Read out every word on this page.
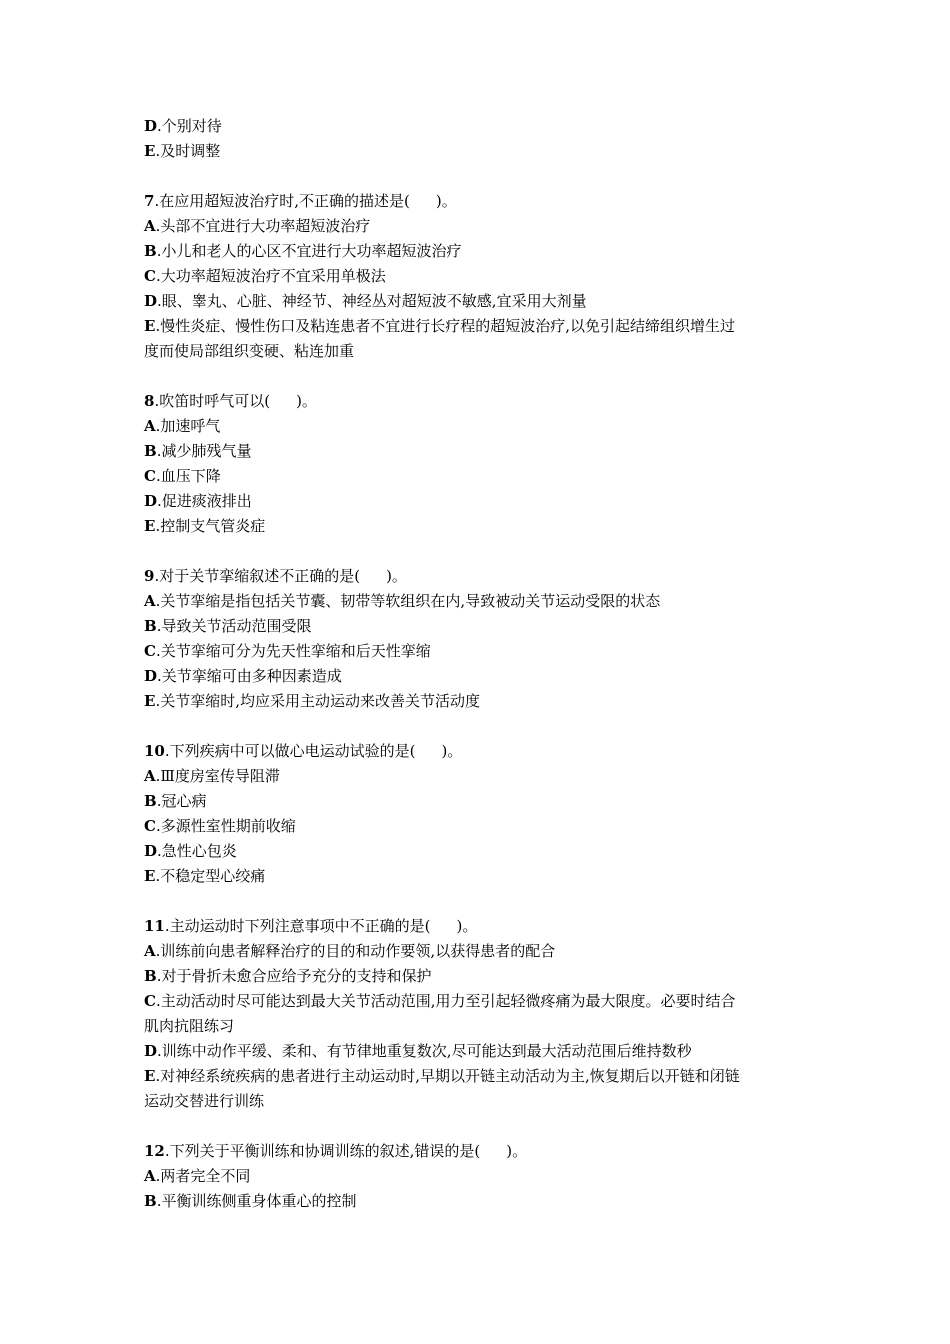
D.个别对待
E.及时调整
7.在应用超短波治疗时,不正确的描述是( )。
A.头部不宜进行大功率超短波治疗
B.小儿和老人的心区不宜进行大功率超短波治疗
C.大功率超短波治疗不宜采用单极法
D.眼、睾丸、心脏、神经节、神经丛对超短波不敏感,宜采用大剂量
E.慢性炎症、慢性伤口及粘连患者不宜进行长疗程的超短波治疗,以免引起结缔组织增生过
度而使局部组织变硬、粘连加重
8.吹笛时呼气可以( )。
A.加速呼气
B.减少肺残气量
C.血压下降
D.促进痰液排出
E.控制支气管炎症
9.对于关节挛缩叙述不正确的是( )。
A.关节挛缩是指包括关节囊、韧带等软组织在内,导致被动关节运动受限的状态
B.导致关节活动范围受限
C.关节挛缩可分为先天性挛缩和后天性挛缩
D.关节挛缩可由多种因素造成
E.关节挛缩时,均应采用主动运动来改善关节活动度
10.下列疾病中可以做心电运动试验的是( )。
A.Ⅲ度房室传导阻滞
B.冠心病
C.多源性室性期前收缩
D.急性心包炎
E.不稳定型心绞痛
11.主动运动时下列注意事项中不正确的是( )。
A.训练前向患者解释治疗的目的和动作要领,以获得患者的配合
B.对于骨折未愈合应给予充分的支持和保护
C.主动活动时尽可能达到最大关节活动范围,用力至引起轻微疼痛为最大限度。必要时结合
肌肉抗阻练习
D.训练中动作平缓、柔和、有节律地重复数次,尽可能达到最大活动范围后维持数秒
E.对神经系统疾病的患者进行主动运动时,早期以开链主动活动为主,恢复期后以开链和闭链
运动交替进行训练
12.下列关于平衡训练和协调训练的叙述,错误的是( )。
A.两者完全不同
B.平衡训练侧重身体重心的控制
